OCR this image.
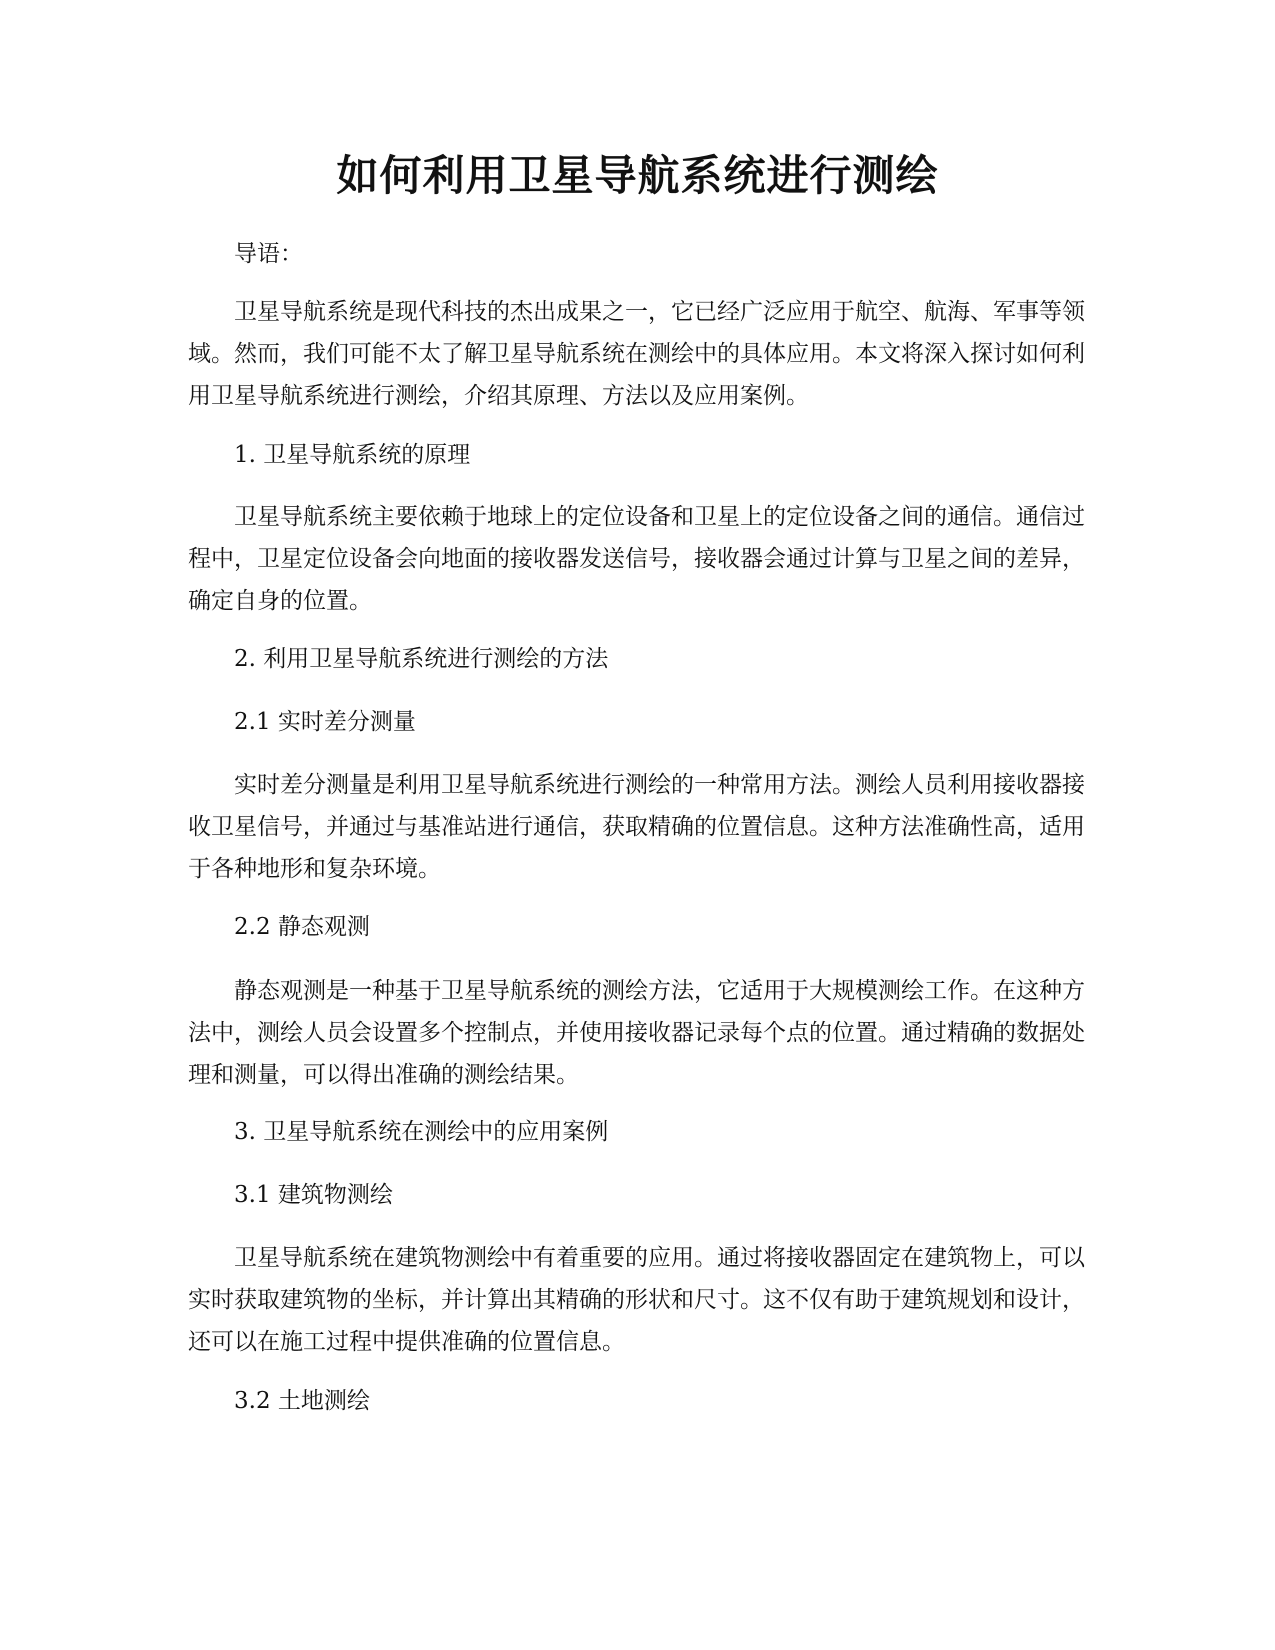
如何利用卫星导航系统进行测绘

导语：

卫星导航系统是现代科技的杰出成果之一，它已经广泛应用于航空、航海、军事等领域。然而，我们可能不太了解卫星导航系统在测绘中的具体应用。本文将深入探讨如何利用卫星导航系统进行测绘，介绍其原理、方法以及应用案例。

1. 卫星导航系统的原理

卫星导航系统主要依赖于地球上的定位设备和卫星上的定位设备之间的通信。通信过程中，卫星定位设备会向地面的接收器发送信号，接收器会通过计算与卫星之间的差异，确定自身的位置。

2. 利用卫星导航系统进行测绘的方法

2.1 实时差分测量

实时差分测量是利用卫星导航系统进行测绘的一种常用方法。测绘人员利用接收器接收卫星信号，并通过与基准站进行通信，获取精确的位置信息。这种方法准确性高，适用于各种地形和复杂环境。

2.2 静态观测

静态观测是一种基于卫星导航系统的测绘方法，它适用于大规模测绘工作。在这种方法中，测绘人员会设置多个控制点，并使用接收器记录每个点的位置。通过精确的数据处理和测量，可以得出准确的测绘结果。

3. 卫星导航系统在测绘中的应用案例

3.1 建筑物测绘

卫星导航系统在建筑物测绘中有着重要的应用。通过将接收器固定在建筑物上，可以实时获取建筑物的坐标，并计算出其精确的形状和尺寸。这不仅有助于建筑规划和设计，还可以在施工过程中提供准确的位置信息。

3.2 土地测绘
